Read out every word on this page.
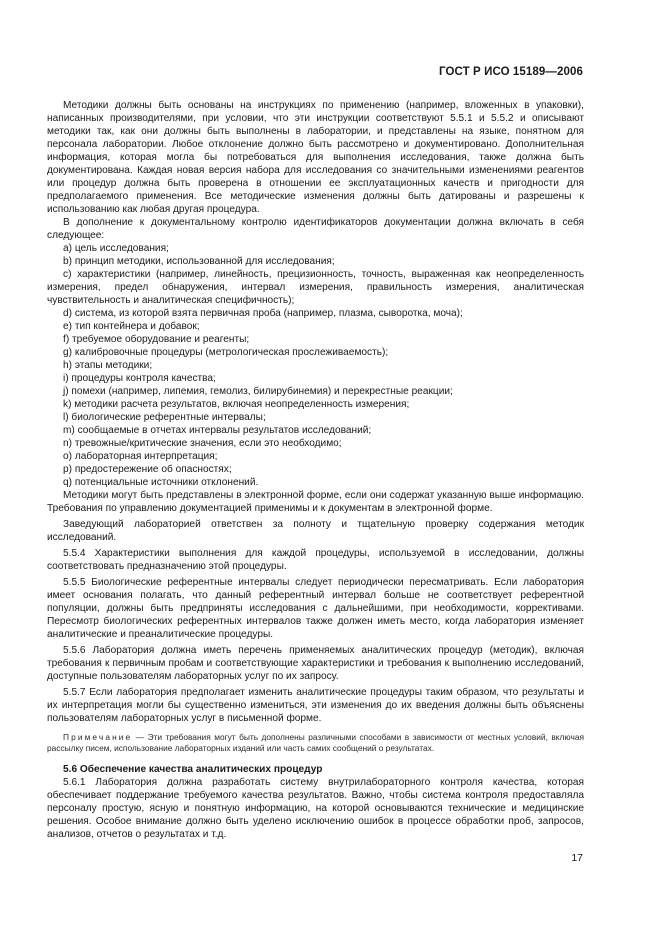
ГОСТ Р ИСО 15189—2006

Методики должны быть основаны на инструкциях по применению (например, вложенных в упаковки), написанных производителями, при условии, что эти инструкции соответствуют 5.5.1 и 5.5.2 и описывают методики так, как они должны быть выполнены в лаборатории, и представлены на языке, понятном для персонала лаборатории. Любое отклонение должно быть рассмотрено и документировано. Дополнительная информация, которая могла бы потребоваться для выполнения исследования, также должна быть документирована. Каждая новая версия набора для исследования со значительными изменениями реагентов или процедур должна быть проверена в отношении ее эксплуатационных качеств и пригодности для предполагаемого применения. Все методические изменения должны быть датированы и разрешены к использованию как любая другая процедура.

В дополнение к документальному контролю идентификаторов документации должна включать в себя следующее:

a) цель исследования;

b) принцип методики, использованной для исследования;

c) характеристики (например, линейность, прецизионность, точность, выраженная как неопределенность измерения, предел обнаружения, интервал измерения, правильность измерения, аналитическая чувствительность и аналитическая специфичность);

d) система, из которой взята первичная проба (например, плазма, сыворотка, моча);

e) тип контейнера и добавок;

f) требуемое оборудование и реагенты;

g) калибровочные процедуры (метрологическая прослеживаемость);

h) этапы методики;

i) процедуры контроля качества;

j) помехи (например, липемия, гемолиз, билирубинемия) и перекрестные реакции;

k) методики расчета результатов, включая неопределенность измерения;

l) биологические референтные интервалы;

m) сообщаемые в отчетах интервалы результатов исследований;

n) тревожные/критические значения, если это необходимо;

o) лабораторная интерпретация;

p) предостережение об опасностях;

q) потенциальные источники отклонений.

Методики могут быть представлены в электронной форме, если они содержат указанную выше информацию. Требования по управлению документацией применимы и к документам в электронной форме.

Заведующий лабораторией ответствен за полноту и тщательную проверку содержания методик исследований.

5.5.4 Характеристики выполнения для каждой процедуры, используемой в исследовании, должны соответствовать предназначению этой процедуры.

5.5.5 Биологические референтные интервалы следует периодически пересматривать. Если лаборатория имеет основания полагать, что данный референтный интервал больше не соответствует референтной популяции, должны быть предприняты исследования с дальнейшими, при необходимости, коррективами. Пересмотр биологических референтных интервалов также должен иметь место, когда лаборатория изменяет аналитические и преаналитические процедуры.

5.5.6 Лаборатория должна иметь перечень применяемых аналитических процедур (методик), включая требования к первичным пробам и соответствующие характеристики и требования к выполнению исследований, доступные пользователям лабораторных услуг по их запросу.

5.5.7 Если лаборатория предполагает изменить аналитические процедуры таким образом, что результаты и их интерпретация могли бы существенно измениться, эти изменения до их введения должны быть объяснены пользователям лабораторных услуг в письменной форме.

Примечание — Эти требования могут быть дополнены различными способами в зависимости от местных условий, включая рассылку писем, использование лабораторных изданий или часть самих сообщений о результатах.

5.6 Обеспечение качества аналитических процедур

5.6.1 Лаборатория должна разработать систему внутрилабораторного контроля качества, которая обеспечивает поддержание требуемого качества результатов. Важно, чтобы система контроля предоставляла персоналу простую, ясную и понятную информацию, на которой основываются технические и медицинские решения. Особое внимание должно быть уделено исключению ошибок в процессе обработки проб, запросов, анализов, отчетов о результатах и т.д.

17
